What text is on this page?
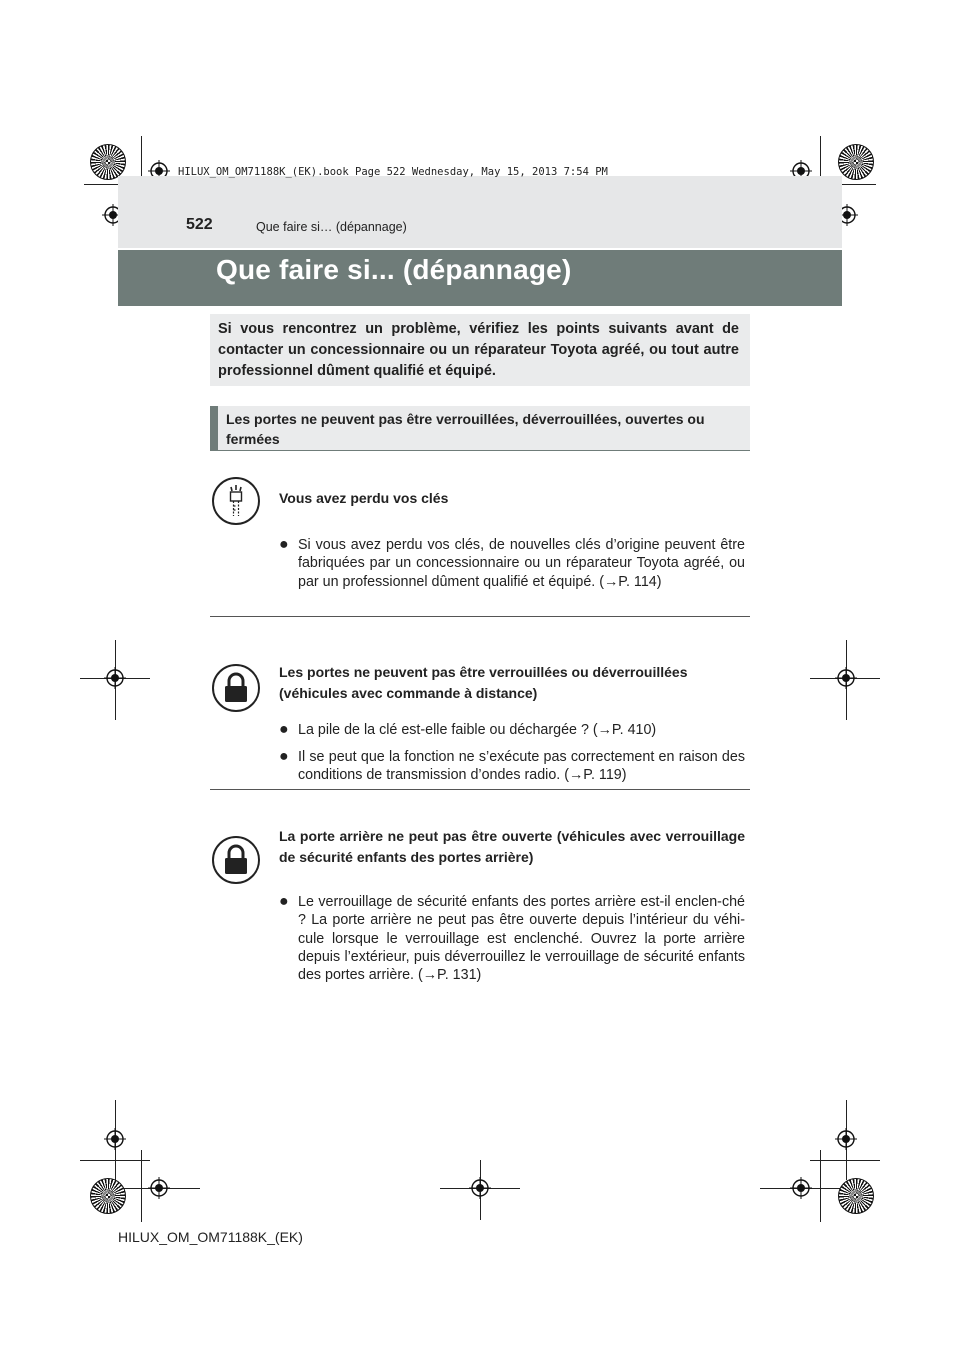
HILUX_OM_OM71188K_(EK).book Page 522 Wednesday, May 15, 2013 7:54 PM
522	Que faire si… (dépannage)
Que faire si... (dépannage)
Si vous rencontrez un problème, vérifiez les points suivants avant de contacter un concessionnaire ou un réparateur Toyota agréé, ou tout autre professionnel dûment qualifié et équipé.
Les portes ne peuvent pas être verrouillées, déverrouillées, ouvertes ou fermées
Vous avez perdu vos clés
● Si vous avez perdu vos clés, de nouvelles clés d’origine peuvent être fabriquées par un concessionnaire ou un réparateur Toyota agréé, ou par un professionnel dûment qualifié et équipé. (→P. 114)
Les portes ne peuvent pas être verrouillées ou déverrouillées (véhicules avec commande à distance)
● La pile de la clé est-elle faible ou déchargée ? (→P. 410)
● Il se peut que la fonction ne s’exécute pas correctement en raison des conditions de transmission d’ondes radio. (→P. 119)
La porte arrière ne peut pas être ouverte (véhicules avec verrouillage de sécurité enfants des portes arrière)
● Le verrouillage de sécurité enfants des portes arrière est-il enclen-ché ? La porte arrière ne peut pas être ouverte depuis l’intérieur du véhi-cule lorsque le verrouillage est enclenché. Ouvrez la porte arrière depuis l’extérieur, puis déverrouillez le verrouillage de sécurité enfants des portes arrière. (→P. 131)
HILUX_OM_OM71188K_(EK)
